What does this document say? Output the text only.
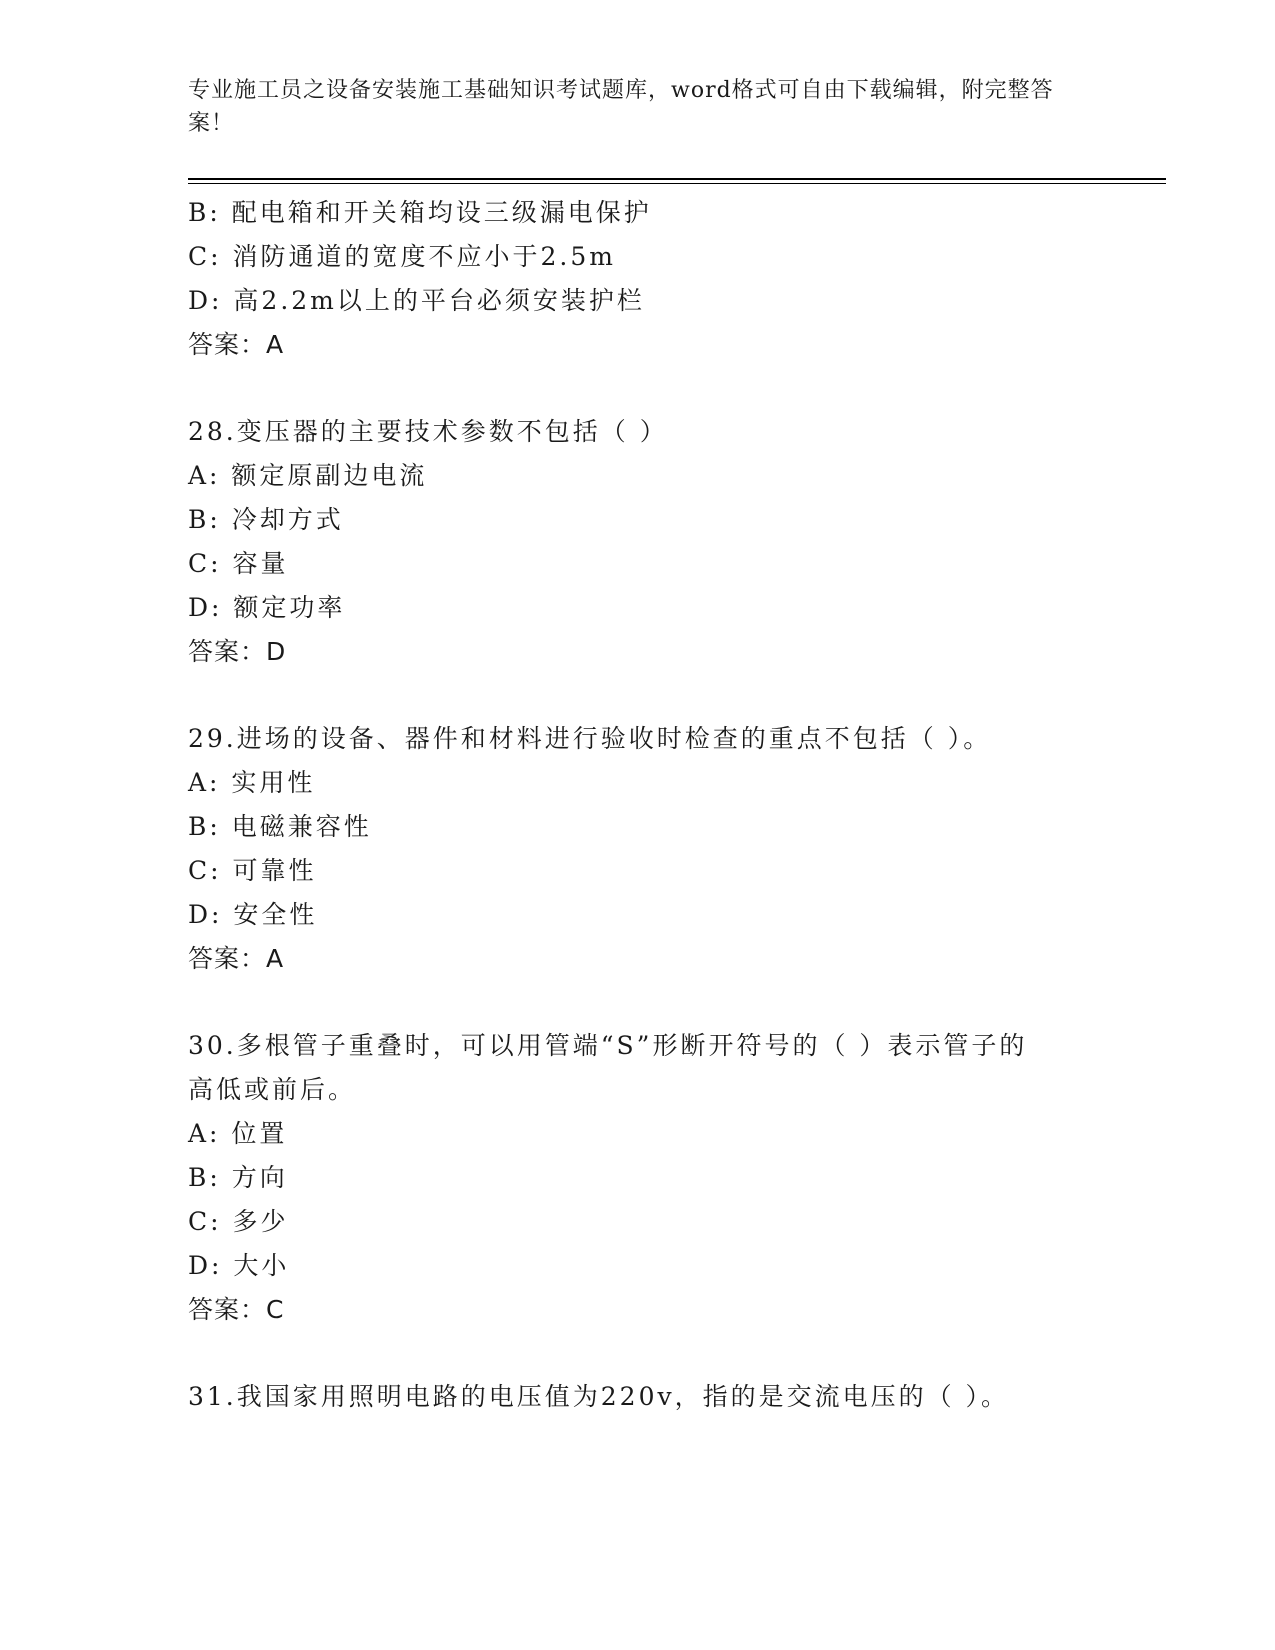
专业施工员之设备安装施工基础知识考试题库，word格式可自由下载编辑，附完整答案！
B: 配电箱和开关箱均设三级漏电保护
C: 消防通道的宽度不应小于2.5m
D: 高2.2m以上的平台必须安装护栏
答案：A
28.变压器的主要技术参数不包括（ ）
A: 额定原副边电流
B: 冷却方式
C: 容量
D: 额定功率
答案：D
29.进场的设备、器件和材料进行验收时检查的重点不包括（ ）。
A: 实用性
B: 电磁兼容性
C: 可靠性
D: 安全性
答案：A
30.多根管子重叠时，可以用管端“S”形断开符号的（ ）表示管子的
高低或前后。
A: 位置
B: 方向
C: 多少
D: 大小
答案：C
31.我国家用照明电路的电压值为220v，指的是交流电压的（ ）。
